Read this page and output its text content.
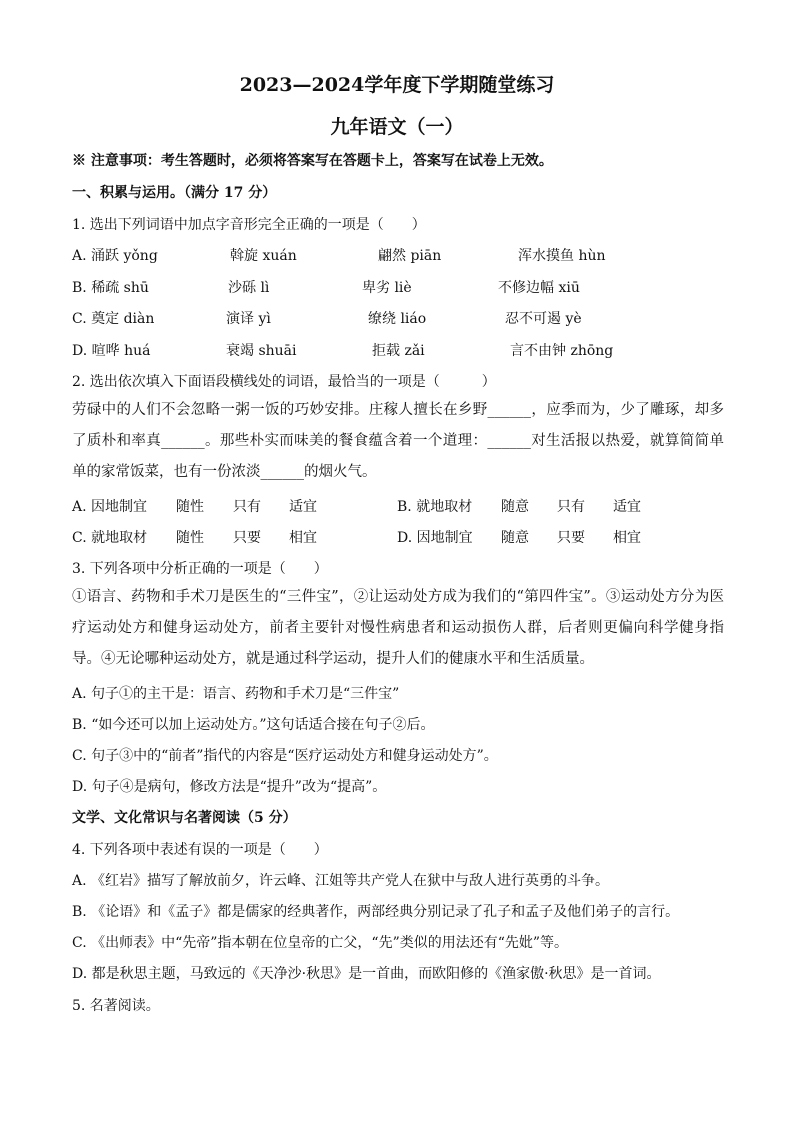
2023—2024学年度下学期随堂练习
九年语文（一）
※ 注意事项：考生答题时，必须将答案写在答题卡上，答案写在试卷上无效。
一、积累与运用。（满分 17 分）
1. 选出下列词语中加点字音形完全正确的一项是（　　）
A. 涌跃 yǒng	斡旋 xuán	翩然 piān	浑水摸鱼 hùn
B. 稀疏 shū	沙砾 lì	卑劣 liè	不修边幅 xiū
C. 奠定 diàn	演译 yì	缭绕 liáo	忍不可遏 yè
D. 喧哗 huá	衰竭 shuāi	拒载 zǎi	言不由钟 zhōng
2. 选出依次填入下面语段横线处的词语，最恰当的一项是（　　　）
劳碌中的人们不会忽略一粥一饭的巧妙安排。庄稼人擅长在乡野______，应季而为，少了雕琢，却多了质朴和率真______。那些朴实而味美的餐食蕴含着一个道理：______对生活报以热爱，就算简简单单的家常饭菜，也有一份浓淡______的烟火气。
A. 因地制宜 随性 只有 适宜	B. 就地取材 随意 只有 适宜
C. 就地取材 随性 只要 相宜	D. 因地制宜 随意 只要 相宜
3. 下列各项中分析正确的一项是（　　）
①语言、药物和手术刀是医生的“三件宝”，②让运动处方成为我们的“第四件宝”。③运动处方分为医疗运动处方和健身运动处方，前者主要针对慢性病患者和运动损伤人群，后者则更偏向科学健身指导。④无论哪种运动处方，就是通过科学运动，提升人们的健康水平和生活质量。
A. 句子①的主干是：语言、药物和手术刀是“三件宝”
B. “如今还可以加上运动处方。”这句话适合接在句子②后。
C. 句子③中的“前者”指代的内容是“医疗运动处方和健身运动处方”。
D. 句子④是病句，修改方法是“提升”改为“提高”。
文学、文化常识与名著阅读（5 分）
4. 下列各项中表述有误的一项是（　　）
A. 《红岩》描写了解放前夕，许云峰、江姐等共产党人在狱中与敌人进行英勇的斗争。
B. 《论语》和《孟子》都是儒家的经典著作，两部经典分别记录了孔子和孟子及他们弟子的言行。
C. 《出师表》中“先帝”指本朝在位皇帝的亡父，“先”类似的用法还有“先妣”等。
D. 都是秋思主题，马致远的《天净沙·秋思》是一首曲，而欧阳修的《渔家傲·秋思》是一首词。
5. 名著阅读。
